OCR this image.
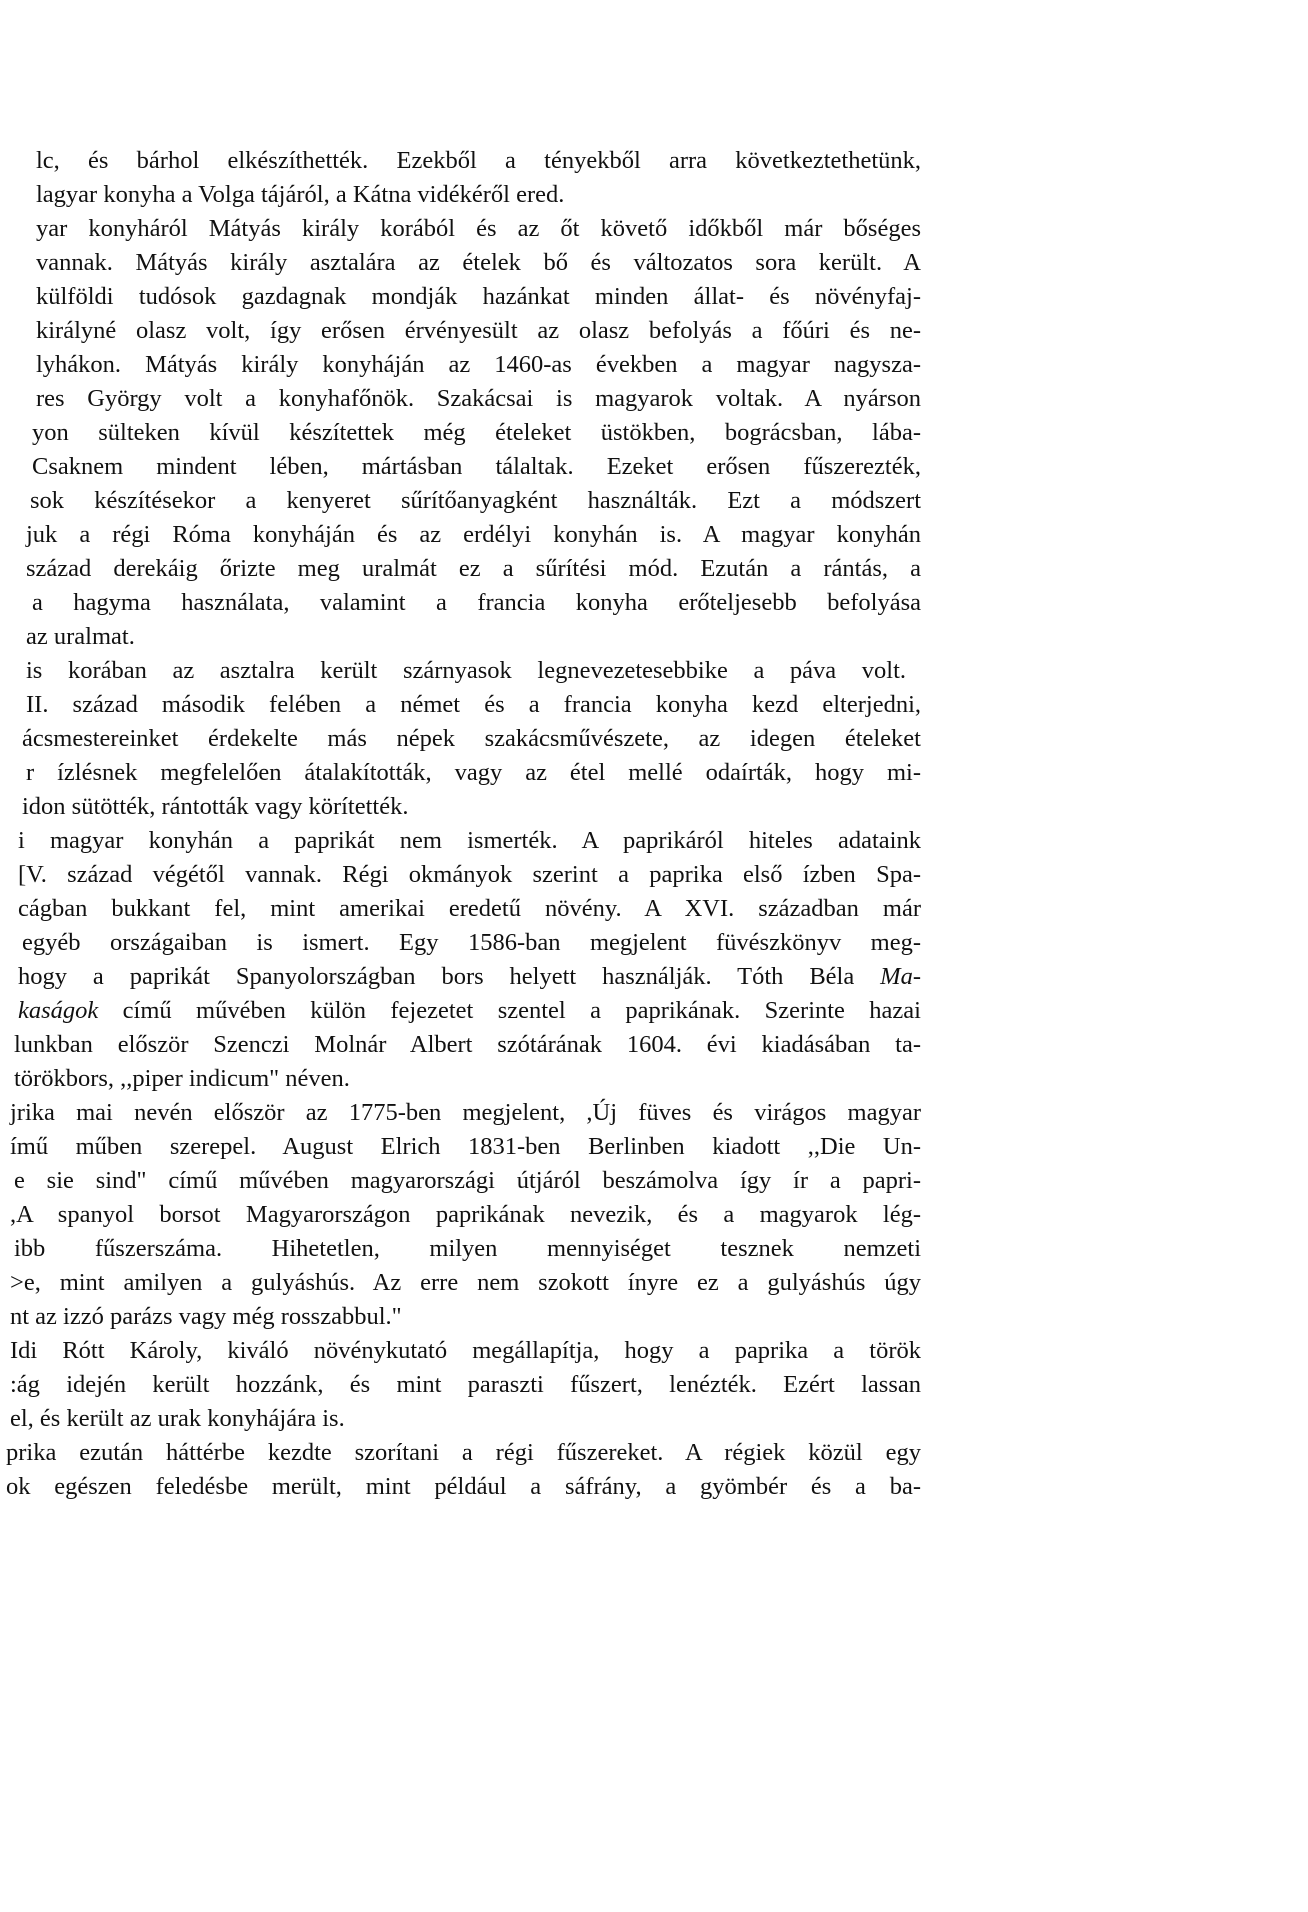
lc, és bárhol elkészíthették. Ezekből a tényekből arra következtethetünk,
lagyar konyha a Volga tájáról, a Kátna vidékéről ered.
yar konyháról Mátyás király korából és az őt követő időkből már bőséges
vannak. Mátyás király asztalára az ételek bő és változatos sora került. A
külföldi tudósok gazdagnak mondják hazánkat minden állat- és növényfaj-
királyné olasz volt, így erősen érvényesült az olasz befolyás a főúri és ne-
lyhákon. Mátyás király konyháján az 1460-as években a magyar nagysza-
res György volt a konyhafőnök. Szakácsai is magyarok voltak. A nyárson
yon sülteken kívül készítettek még ételeket üstökben, bográcsban, lába-
Csaknem mindent lében, mártásban tálaltak. Ezeket erősen fűszerezték,
sok készítésekor a kenyeret sűrítőanyagként használták. Ezt a módszert
juk a régi Róma konyháján és az erdélyi konyhán is. A magyar konyhán
század derekáig őrizte meg uralmát ez a sűrítési mód. Ezután a rántás, a
a hagyma használata, valamint a francia konyha erőteljesebb befolyása
az uralmat.
is korában az asztalra került szárnyasok legnevezetesebbike a páva volt.
II. század második felében a német és a francia konyha kezd elterjedni,
ácsmestereinket érdekelte más népek szakácsművészete, az idegen ételeket
r ízlésnek megfelelően átalakították, vagy az étel mellé odaírták, hogy mi-
idon sütötték, rántották vagy körítették.
i magyar konyhán a paprikát nem ismerték. A paprikáról hiteles adataink
[V. század végétől vannak. Régi okmányok szerint a paprika első ízben Spa-
cágban bukkant fel, mint amerikai eredetű növény. A XVI. században már
egyéb országaiban is ismert. Egy 1586-ban megjelent füvészkönyv meg-
hogy a paprikát Spanyolországban bors helyett használják. Tóth Béla Ma-
kaságok című művében külön fejezetet szentel a paprikának. Szerinte hazai
lunkban először Szenczi Molnár Albert szótárának 1604. évi kiadásában ta-
törökbors, ,,piper indicum" néven.
jrika mai nevén először az 1775-ben megjelent, ,Új füves és virágos magyar
ímű műben szerepel. August Elrich 1831-ben Berlinben kiadott ,,Die Un-
e sie sind" című művében magyarországi útjáról beszámolva így ír a papri-
,A spanyol borsot Magyarországon paprikának nevezik, és a magyarok lég-
ibb fűszerszáma. Hihetetlen, milyen mennyiséget tesznek nemzeti
>e, mint amilyen a gulyáshús. Az erre nem szokott ínyre ez a gulyáshús úgy
nt az izzó parázs vagy még rosszabbul."
Idi Rótt Károly, kiváló növénykutató megállapítja, hogy a paprika a török
:ág idején került hozzánk, és mint paraszti fűszert, lenézték. Ezért lassan
el, és került az urak konyhájára is.
prika ezután háttérbe kezdte szorítani a régi fűszereket. A régiek közül egy
ok egészen feledésbe merült, mint például a sáfrány, a gyömbér és a ba-
